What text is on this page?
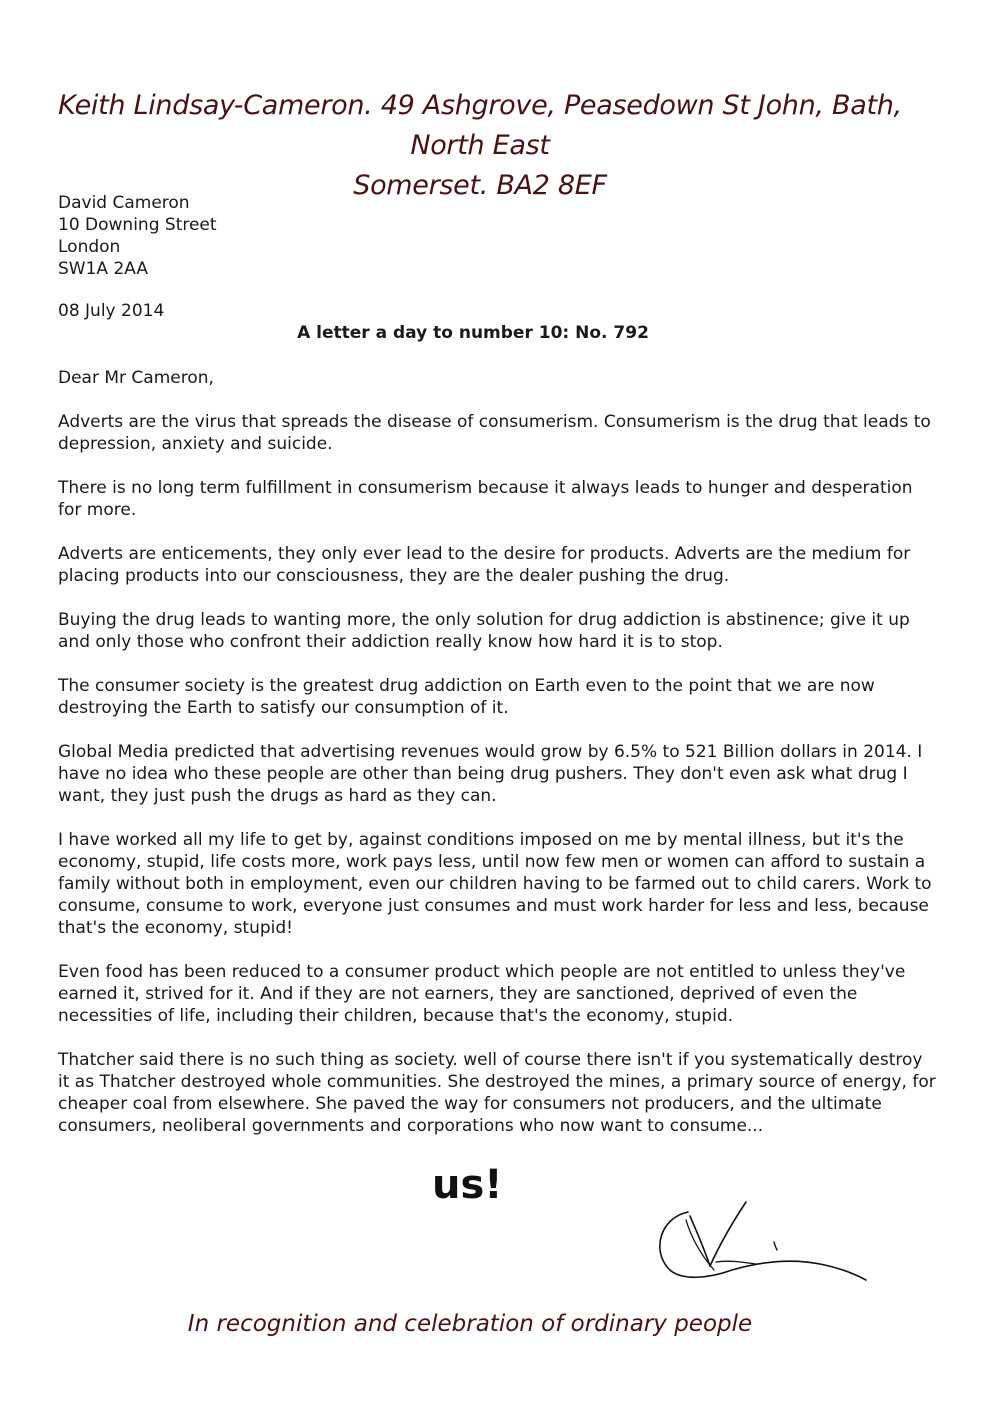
Keith Lindsay-Cameron. 49 Ashgrove, Peasedown St John, Bath, North East
Somerset. BA2 8EF
David Cameron
10 Downing Street
London
SW1A 2AA
08 July 2014
A letter a day to number 10: No. 792
Dear Mr Cameron,

Adverts are the virus that spreads the disease of consumerism. Consumerism is the drug that leads to depression, anxiety and suicide.

There is no long term fulfillment in consumerism because it always leads to hunger and desperation for more.

Adverts are enticements, they only ever lead to the desire for products. Adverts are the medium for placing products into our consciousness, they are the dealer pushing the drug.

Buying the drug leads to wanting more, the only solution for drug addiction is abstinence; give it up and only those who confront their addiction really know how hard it is to stop.

The consumer society is the greatest drug addiction on Earth even to the point that we are now destroying the Earth to satisfy our consumption of it.

Global Media predicted that advertising revenues would grow by 6.5% to 521 Billion dollars in 2014. I have no idea who these people are other than being drug pushers. They don't even ask what drug I want, they just push the drugs as hard as they can.

I have worked all my life to get by, against conditions imposed on me by mental illness, but it's the economy, stupid, life costs more, work pays less, until now few men or women can afford to sustain a family without both in employment, even our children having to be farmed out to child carers. Work to consume, consume to work, everyone just consumes and must work harder for less and less, because that's the economy, stupid!

Even food has been reduced to a consumer product which people are not entitled to unless they've earned it, strived for it. And if they are not earners, they are sanctioned, deprived of even the necessities of life, including their children, because that's the economy, stupid.

Thatcher said there is no such thing as society. well of course there isn't if you systematically destroy it as Thatcher destroyed whole communities. She destroyed the mines, a primary source of energy, for cheaper coal from elsewhere. She paved the way for consumers not producers, and the ultimate consumers, neoliberal governments and corporations who now want to consume...

us!
In recognition and celebration of ordinary people
